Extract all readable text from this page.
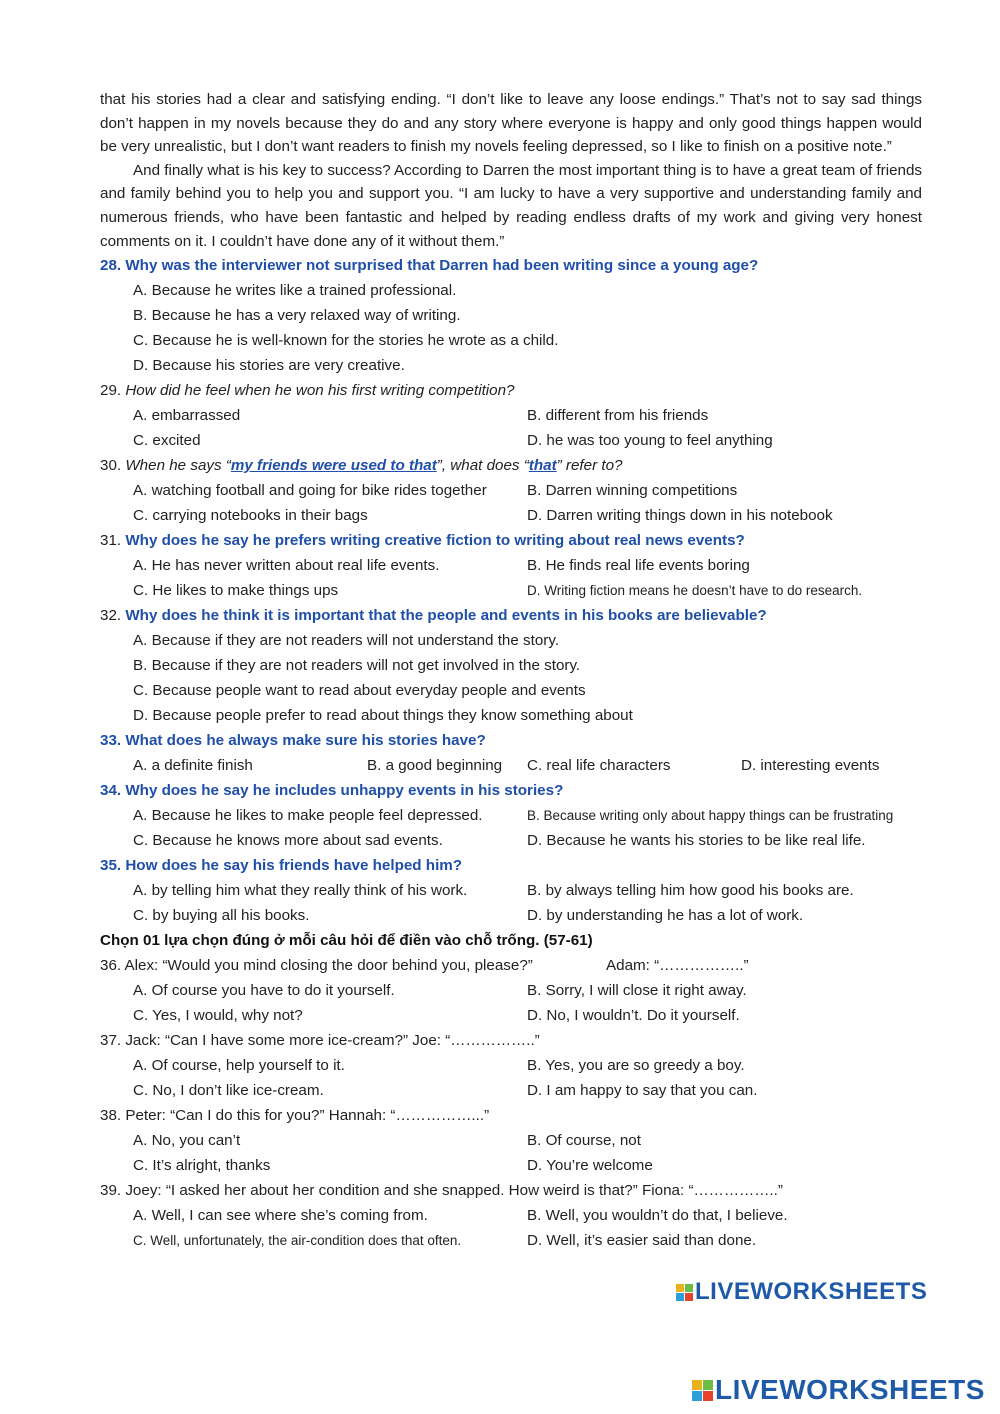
that his stories had a clear and satisfying ending. “I don’t like to leave any loose endings.” That’s not to say sad things don’t happen in my novels because they do and any story where everyone is happy and only good things happen would be very unrealistic, but I don’t want readers to finish my novels feeling depressed, so I like to finish on a positive note.”

And finally what is his key to success? According to Darren the most important thing is to have a great team of friends and family behind you to help you and support you. “I am lucky to have a very supportive and understanding family and numerous friends, who have been fantastic and helped by reading endless drafts of my work and giving very honest comments on it. I couldn’t have done any of it without them.”

28. Why was the interviewer not surprised that Darren had been writing since a young age?
A. Because he writes like a trained professional.
B. Because he has a very relaxed way of writing.
C. Because he is well-known for the stories he wrote as a child.
D. Because his stories are very creative.
29. How did he feel when he won his first writing competition?
A. embarrassed	B. different from his friends
C. excited	D. he was too young to feel anything
30. When he says “my friends were used to that”, what does “that” refer to?
A. watching football and going for bike rides together	B. Darren winning competitions
C. carrying notebooks in their bags	D. Darren writing things down in his notebook
31. Why does he say he prefers writing creative fiction to writing about real news events?
A. He has never written about real life events.	B. He finds real life events boring
C. He likes to make things ups	D. Writing fiction means he doesn’t have to do research.
32. Why does he think it is important that the people and events in his books are believable?
A. Because if they are not readers will not understand the story.
B. Because if they are not readers will not get involved in the story.
C. Because people want to read about everyday people and events
D. Because people prefer to read about things they know something about
33. What does he always make sure his stories have?
A. a definite finish	B. a good beginning C. real life characters	D. interesting events
34. Why does he say he includes unhappy events in his stories?
A. Because he likes to make people feel depressed.	B. Because writing only about happy things can be frustrating
C. Because he knows more about sad events.	D. Because he wants his stories to be like real life.
35. How does he say his friends have helped him?
A. by telling him what they really think of his work.	B. by always telling him how good his books are.
C. by buying all his books.	D. by understanding he has a lot of work.
Chọn 01 lựa chọn đúng ở mỗi câu hỏi để điền vào chỗ trống. (57-61)
36. Alex: “Would you mind closing the door behind you, please?”	Adam: “……………..”
A. Of course you have to do it yourself.	B. Sorry, I will close it right away.
C. Yes, I would, why not?	D. No, I wouldn’t. Do it yourself.
37. Jack: “Can I have some more ice-cream?” Joe: “……………..”
A. Of course, help yourself to it.	B. Yes, you are so greedy a boy.
C. No, I don’t like ice-cream.	D. I am happy to say that you can.
38. Peter: “Can I do this for you?” Hannah: “……………...”
A. No, you can’t	B. Of course, not
C. It’s alright, thanks	D. You’re welcome
39. Joey: “I asked her about her condition and she snapped. How weird is that?” Fiona: “……………..”
A. Well, I can see where she’s coming from.	B. Well, you wouldn’t do that, I believe.
C. Well, unfortunately, the air-condition does that often.	D. Well, it’s easier said than done.
LIVEWORKSHEETS
LIVEWORKSHEETS
